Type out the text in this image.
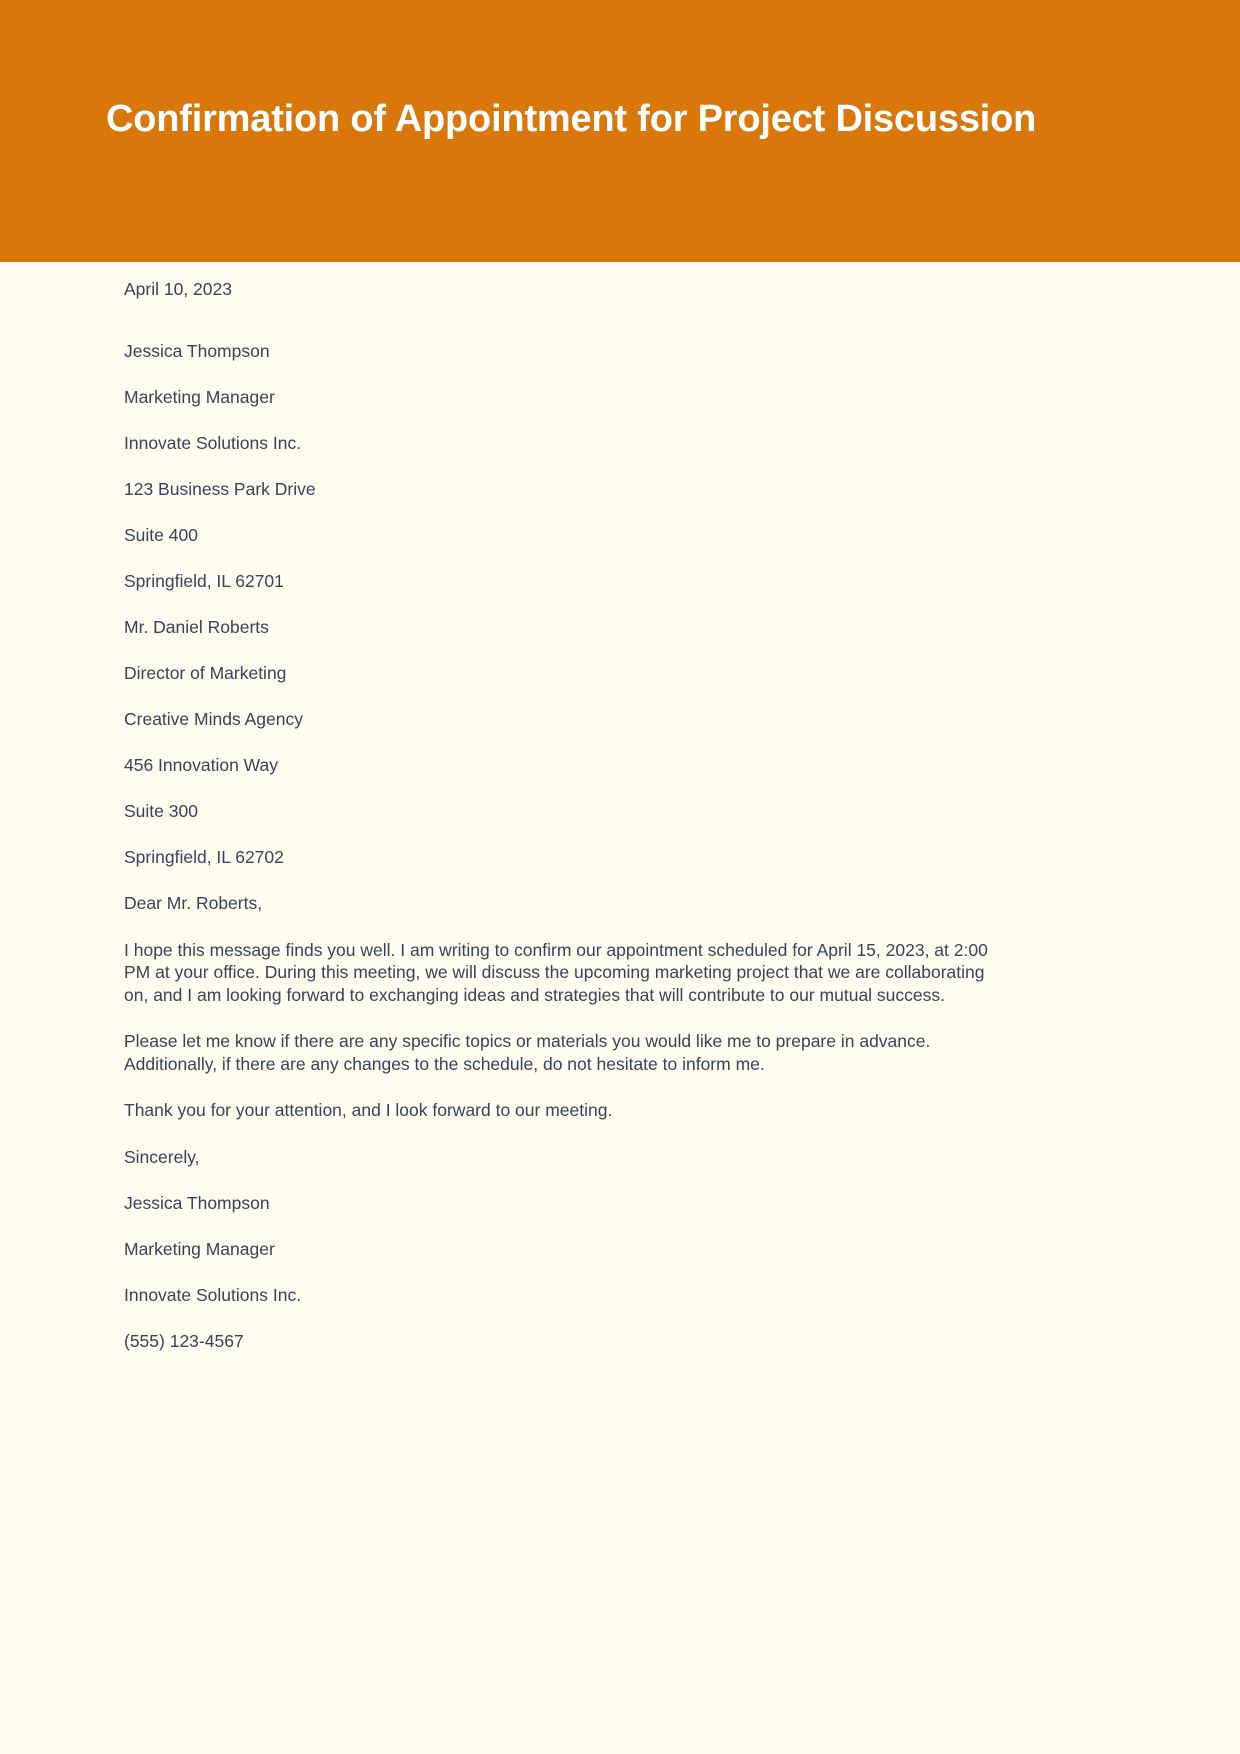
Confirmation of Appointment for Project Discussion
April 10, 2023
Jessica Thompson
Marketing Manager
Innovate Solutions Inc.
123 Business Park Drive
Suite 400
Springfield, IL 62701
Mr. Daniel Roberts
Director of Marketing
Creative Minds Agency
456 Innovation Way
Suite 300
Springfield, IL 62702

Dear Mr. Roberts,

I hope this message finds you well. I am writing to confirm our appointment scheduled for April 15, 2023, at 2:00 PM at your office. During this meeting, we will discuss the upcoming marketing project that we are collaborating on, and I am looking forward to exchanging ideas and strategies that will contribute to our mutual success.

Please let me know if there are any specific topics or materials you would like me to prepare in advance. Additionally, if there are any changes to the schedule, do not hesitate to inform me.

Thank you for your attention, and I look forward to our meeting.

Sincerely,
Jessica Thompson
Marketing Manager
Innovate Solutions Inc.
(555) 123-4567
